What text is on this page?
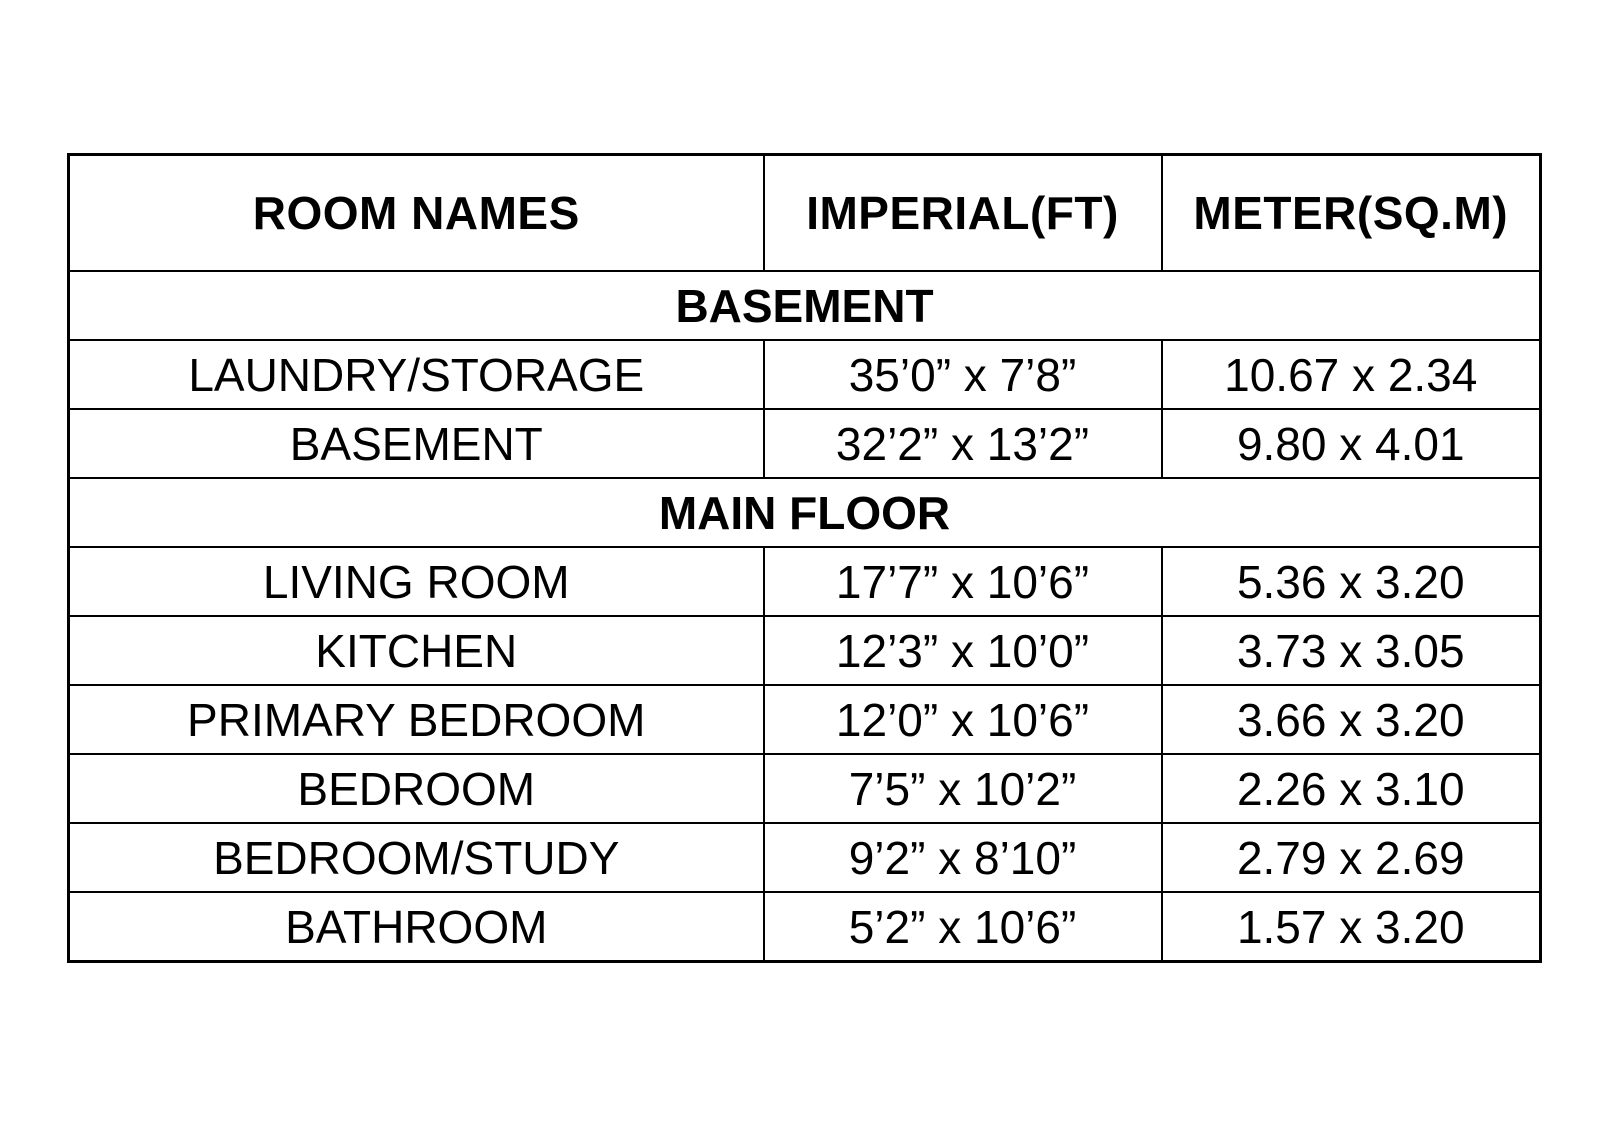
ROOM NAMES	IMPERIAL(FT)	METER(SQ.M)
BASEMENT		
LAUNDRY/STORAGE	35’0” x 7’8”	10.67 x 2.34
BASEMENT	32’2” x 13’2”	9.80 x 4.01
MAIN FLOOR		
LIVING ROOM	17’7” x 10’6”	5.36 x 3.20
KITCHEN	12’3” x 10’0”	3.73 x 3.05
PRIMARY BEDROOM	12’0” x 10’6”	3.66 x 3.20
BEDROOM	7’5” x 10’2”	2.26 x 3.10
BEDROOM/STUDY	9’2” x 8’10”	2.79 x 2.69
BATHROOM	5’2” x 10’6”	1.57 x 3.20
